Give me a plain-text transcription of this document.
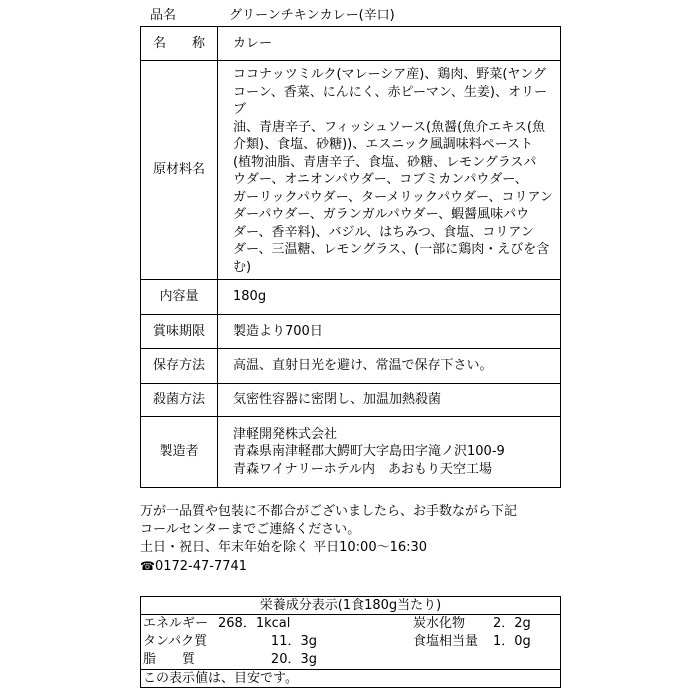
品名	グリーンチキンカレー(辛口)
名 称	カレー
原材料名	
ココナッツミルク(マレーシア産)、鶏肉、野菜(ヤング
コーン、香菜、にんにく、赤ピーマン、生姜)、オリーブ
油、青唐辛子、フィッシュソース(魚醤(魚介エキス(魚
介類)、食塩、砂糖))、エスニック風調味料ペースト
(植物油脂、青唐辛子、食塩、砂糖、レモングラスパ
ウダー、オニオンパウダー、コブミカンパウダー、
ガーリックパウダー、ターメリックパウダー、コリアン
ダーパウダー、ガランガルパウダー、蝦醤風味パウ
ダー、香辛料)、バジル、はちみつ、食塩、コリアン
ダー、三温糖、レモングラス、(一部に鶏肉・えびを含
む)

内容量	180g
賞味期限	製造より700日
保存方法	高温、直射日光を避け、常温で保存下さい。
殺菌方法	気密性容器に密閉し、加温加熱殺菌
製造者	津軽開発株式会社
青森県南津軽郡大鰐町大字島田字滝ノ沢100-9
青森ワイナリーホテル内　あおもり天空工場
万が一品質や包装に不都合がございましたら、お手数ながら下記
コールセンターまでご連絡ください。
土日・祝日、年末年始を除く 平日10:00～16:30
☎0172-47-7741
栄養成分表示(1食180g当たり)

エネルギー 268．1kcal	炭水化物	2．2g
タンパク質	11．3g	食塩相当量	1．0g
脂　　質	20．3g

この表示値は、目安です。
